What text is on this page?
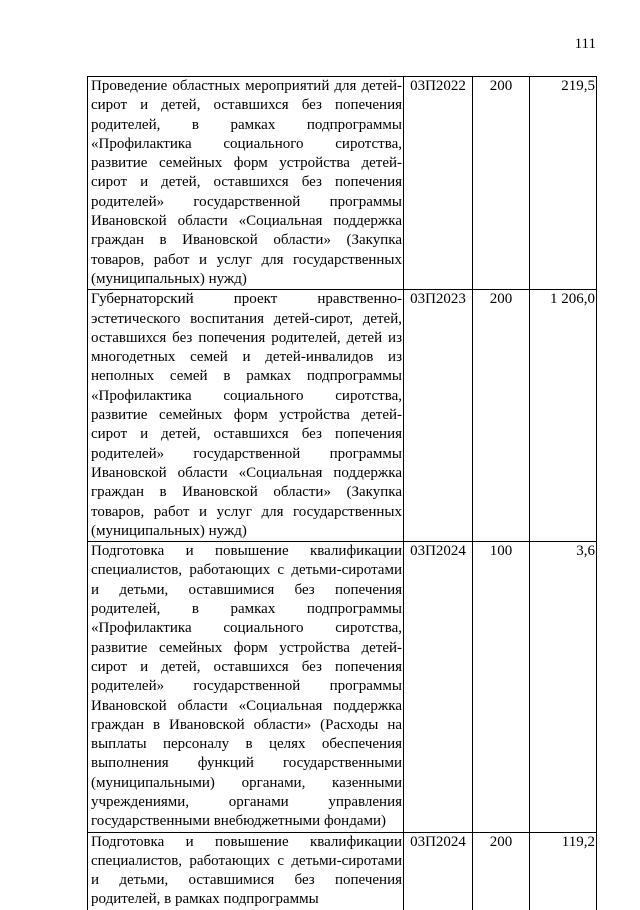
111
Проведение областных мероприятий для детей-сирот и детей, оставшихся без попечения родителей, в рамках подпрограммы «Профилактика социального сиротства, развитие семейных форм устройства детей-сирот и детей, оставшихся без попечения родителей» государственной программы Ивановской области «Социальная поддержка граждан в Ивановской области» (Закупка товаров, работ и услуг для государственных (муниципальных) нужд)	03П2022	200	219,5

Губернаторский проект нравственно-эстетического воспитания детей-сирот, детей, оставшихся без попечения родителей, детей из многодетных семей и детей-инвалидов из неполных семей в рамках подпрограммы «Профилактика социального сиротства, развитие семейных форм устройства детей-сирот и детей, оставшихся без попечения родителей» государственной программы Ивановской области «Социальная поддержка граждан в Ивановской области» (Закупка товаров, работ и услуг для государственных (муниципальных) нужд)	03П2023	200	1 206,0

Подготовка и повышение квалификации специалистов, работающих с детьми-сиротами и детьми, оставшимися без попечения родителей, в рамках подпрограммы «Профилактика социального сиротства, развитие семейных форм устройства детей-сирот и детей, оставшихся без попечения родителей» государственной программы Ивановской области «Социальная поддержка граждан в Ивановской области» (Расходы на выплаты персоналу в целях обеспечения выполнения функций государственными (муниципальными) органами, казенными учреждениями, органами управления государственными внебюджетными фондами)	03П2024	100	3,6

Подготовка и повышение квалификации специалистов, работающих с детьми-сиротами и детьми, оставшимися без попечения родителей, в рамках подпрограммы	03П2024	200	119,2
